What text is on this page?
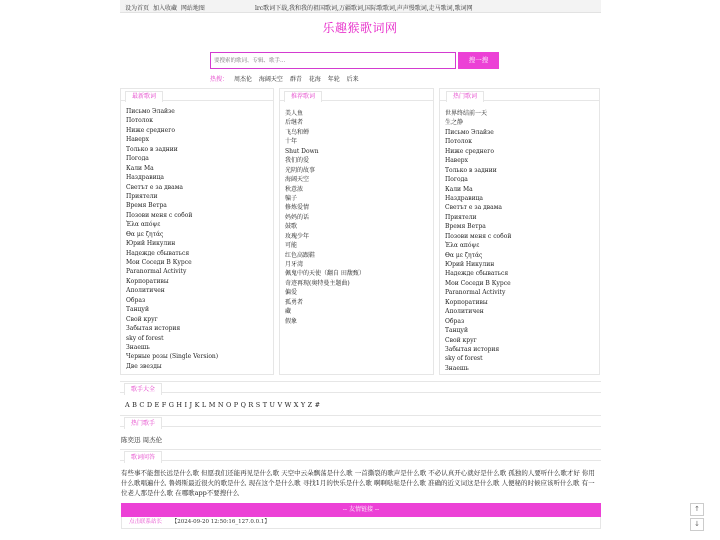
设为首页 加入收藏 网站地图	lrc歌词下载,我和我的祖国歌词,万疆歌词,国际歌歌词,声声慢歌词,走马歌词,歌词网
乐趣猴歌词网
要搜索的歌词、专辑、歌手...
搜一搜
热搜： 周杰伦 海阔天空 群青 花海 年轮 后来
最新歌词
Письмо Элайзе
Потолок
Ниже среднего
Наверх
Только в заднии
Погода
Кали Ма
Наздравица
Светът е за двама
Приятели
Время Ветра
Позови меня с собой
Ἐλα απόψε
Θα με ζητάς
Юрий Никулин
Надежде сбываться
Мои Соседи В Курсе
Paranormal Activity
Корпоративы
Аполитичен
Образ
Танцуй
Свой круг
Забытая история
sky of forest
Знаешь
Черные розы (Single Version)
Две звезды
推荐歌词
美人鱼
后继者
飞鸟和蝉
十年
Shut Down
我们的爱
光阴的故事
海阔天空
秋意浓
骗子
修炼爱情
妈妈的话
鼓歌
玫瑰少年
可能
红色高跟鞋
月牙湾
佩鬼中的天使（翻自 田馥甄）
奇迹再现(奥特曼主题曲)
偏爱
孤勇者
藏
假象
热门歌词
世界终结前一天
生之静
Письмо Элайзе
Потолок
Ниже среднего
Наверх
Только в заднии
Погода
Кали Ма
Наздравица
Светът е за двама
Приятели
Время Ветра
Позови меня с собой
Ἐλα απόψε
Θα με ζητάς
Юрий Никулин
Надежде сбываться
Мои Соседи В Курсе
Paranormal Activity
Корпоративы
Аполитичен
Образ
Танцуй
Свой круг
Забытая история
sky of forest
Знаешь
歌手大全
A B C D E F G H I J K L M N O P Q R S T U V W X Y Z #
热门歌手
陈奕迅 周杰伦
歌词问答
有些事不能想长远是什么歌 但愿我们还能再见是什么歌 天空中云朵飘荡是什么歌 一首撕裂的歌声是什么歌 不必认真开心就好是什么歌 孤独的人要听什么歌才好 你用什么歌唱遍什么 鲁姆斯最近很火的歌是什么 现在这个是什么歌 寻找1月的快乐是什么歌 啊啊哒哒是什么歌 准确的近义词这是什么歌 人便秘的时候应该听什么歌 有一位老人那是什么歌 在哪歌app不要搜什么
-- 友情链接 --
点击联系站长 【2024-09-20 12:50:16_127.0.0.1】
↑
↓
